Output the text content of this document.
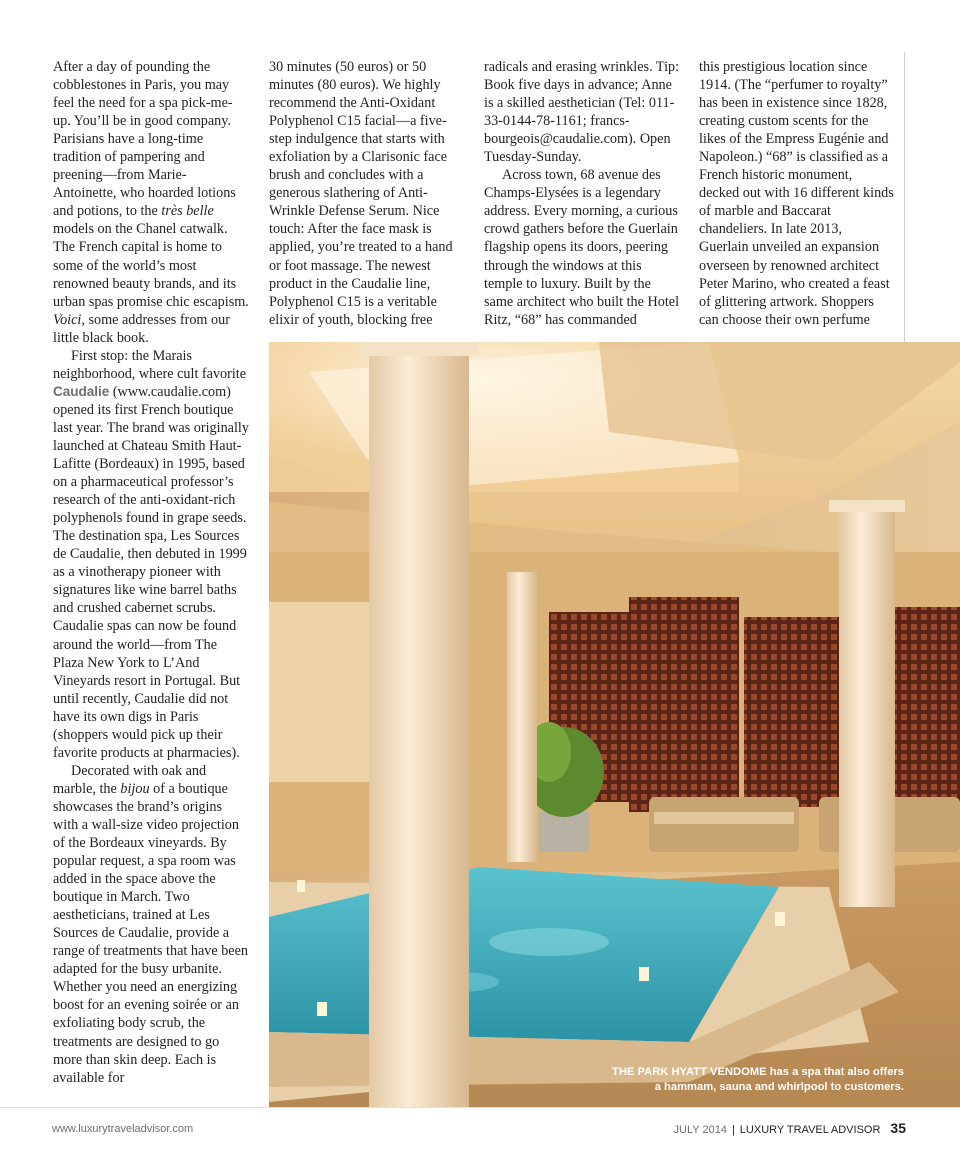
After a day of pounding the cobblestones in Paris, you may feel the need for a spa pick-me-up. You’ll be in good company. Parisians have a long-time tradition of pampering and preening—from Marie-Antoinette, who hoarded lotions and potions, to the très belle models on the Chanel catwalk. The French capital is home to some of the world’s most renowned beauty brands, and its urban spas promise chic escapism. Voici, some addresses from our little black book.

First stop: the Marais neighborhood, where cult favorite Caudalie (www.caudalie.com) opened its first French boutique last year. The brand was originally launched at Chateau Smith Haut-Lafitte (Bordeaux) in 1995, based on a pharmaceutical professor’s research of the anti-oxidant-rich polyphenols found in grape seeds. The destination spa, Les Sources de Caudalie, then debuted in 1999 as a vinotherapy pioneer with signatures like wine barrel baths and crushed cabernet scrubs. Caudalie spas can now be found around the world—from The Plaza New York to L’And Vineyards resort in Portugal. But until recently, Caudalie did not have its own digs in Paris (shoppers would pick up their favorite products at pharmacies).

Decorated with oak and marble, the bijou of a boutique showcases the brand’s origins with a wall-size video projection of the Bordeaux vineyards. By popular request, a spa room was added in the space above the boutique in March. Two aestheticians, trained at Les Sources de Caudalie, provide a range of treatments that have been adapted for the busy urbanite. Whether you need an energizing boost for an evening soirée or an exfoliating body scrub, the treatments are designed to go more than skin deep. Each is available for

30 minutes (50 euros) or 50 minutes (80 euros). We highly recommend the Anti-Oxidant Polyphenol C15 facial—a five-step indulgence that starts with exfoliation by a Clarisonic face brush and concludes with a generous slathering of Anti-Wrinkle Defense Serum. Nice touch: After the face mask is applied, you’re treated to a hand or foot massage. The newest product in the Caudalie line, Polyphenol C15 is a veritable elixir of youth, blocking free

radicals and erasing wrinkles. Tip: Book five days in advance; Anne is a skilled aesthetician (Tel: 011-33-0144-78-1161; francs-bourgeois@caudalie.com). Open Tuesday-Sunday.

Across town, 68 avenue des Champs-Elysées is a legendary address. Every morning, a curious crowd gathers before the Guerlain flagship opens its doors, peering through the windows at this temple to luxury. Built by the same architect who built the Hotel Ritz, “68” has commanded

this prestigious location since 1914. (The “perfumer to royalty” has been in existence since 1828, creating custom scents for the likes of the Empress Eugénie and Napoleon.) “68” is classified as a French historic monument, decked out with 16 different kinds of marble and Baccarat chandeliers. In late 2013, Guerlain unveiled an expansion overseen by renowned architect Peter Marino, who created a feast of glittering artwork. Shoppers can choose their own perfume

THE PARK HYATT VENDOME has a spa that also offers a hammam, sauna and whirlpool to customers.
www.luxurytraveladvisor.com	JULY 2014 | LUXURY TRAVEL ADVISOR 35
